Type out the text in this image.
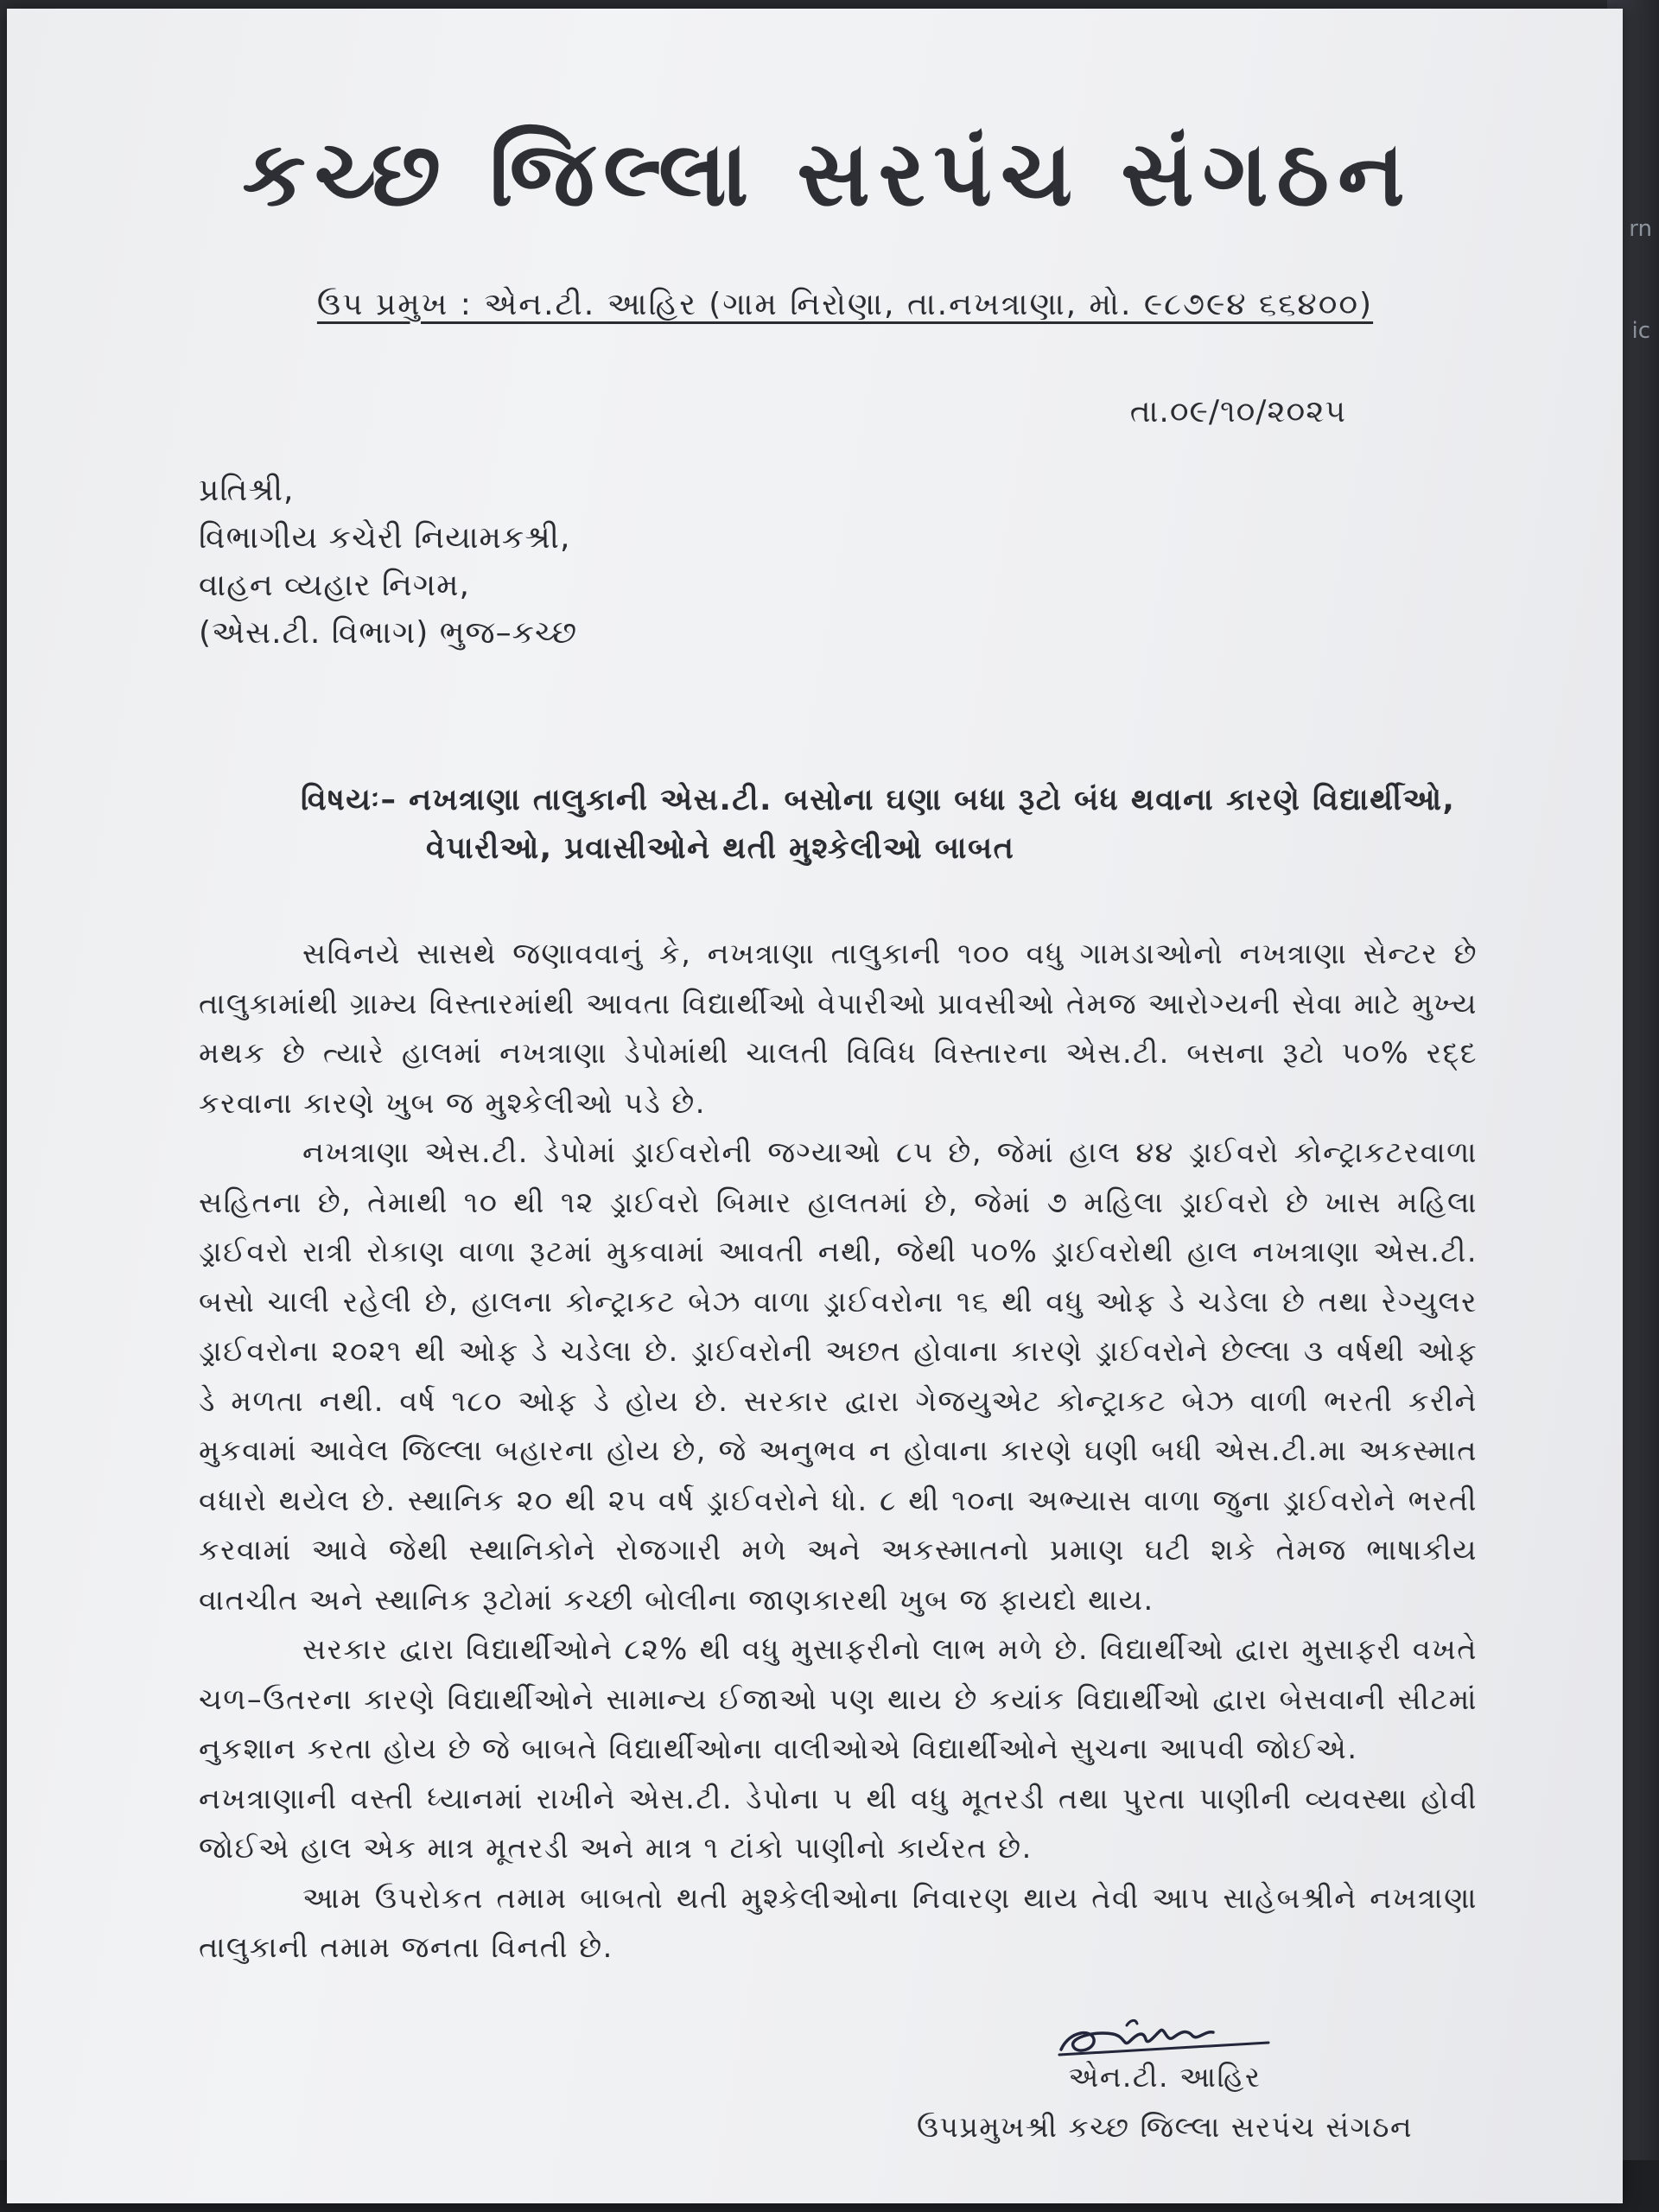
rn
ic
કચ્છ જિલ્લા સરપંચ સંગઠન
ઉપ પ્રમુખ : એન.ટી. આહિર (ગામ નિરોણા, તા.નખત્રાણા, મો. ૯૮૭૯૪ ૬૬૪૦૦)
તા.૦૯/૧૦/૨૦૨૫
પ્રતિશ્રી,
વિભાગીય કચેરી નિયામકશ્રી,
વાહન વ્યહાર નિગમ,
(એસ.ટી. વિભાગ) ભુજ–કચ્છ
વિષયઃ– નખત્રાણા તાલુકાની એસ.ટી. બસોના ઘણા બધા રૂટો બંધ થવાના કારણે વિદ્યાર્થીઓ,
વેપારીઓ, પ્રવાસીઓને થતી મુશ્કેલીઓ બાબત

સવિનયે સાસથે જણાવવાનું કે, નખત્રાણા તાલુકાની ૧૦૦ વધુ ગામડાઓનો નખત્રાણા સેન્ટર છે તાલુકામાંથી ગ્રામ્ય વિસ્તારમાંથી આવતા વિદ્યાર્થીઓ વેપારીઓ પ્રાવસીઓ તેમજ આરોગ્યની સેવા માટે મુખ્ય મથક છે ત્યારે હાલમાં નખત્રાણા ડેપોમાંથી ચાલતી વિવિધ વિસ્તારના એસ.ટી. બસના રૂટો ૫૦% રદ્દ કરવાના કારણે ખુબ જ મુશ્કેલીઓ પડે છે.

નખત્રાણા એસ.ટી. ડેપોમાં ડ્રાઈવરોની જગ્યાઓ ૮૫ છે, જેમાં હાલ ૪૪ ડ્રાઈવરો કોન્ટ્રાકટરવાળા સહિતના છે, તેમાથી ૧૦ થી ૧૨ ડ્રાઈવરો બિમાર હાલતમાં છે, જેમાં ૭ મહિલા ડ્રાઈવરો છે ખાસ મહિલા ડ્રાઈવરો રાત્રી રોકાણ વાળા રૂટમાં મુકવામાં આવતી નથી, જેથી ૫૦% ડ્રાઈવરોથી હાલ નખત્રાણા એસ.ટી. બસો ચાલી રહેલી છે, હાલના કોન્ટ્રાકટ બેઝ વાળા ડ્રાઈવરોના ૧૬ થી વધુ ઓફ ડે ચડેલા છે તથા રેગ્યુલર ડ્રાઈવરોના ૨૦૨૧ થી ઓફ ડે ચડેલા છે. ડ્રાઈવરોની અછત હોવાના કારણે ડ્રાઈવરોને છેલ્લા ૩ વર્ષથી ઓફ ડે મળતા નથી. વર્ષ ૧૮૦ ઓફ ડે હોય છે. સરકાર દ્વારા ગેજયુએટ કોન્ટ્રાકટ બેઝ વાળી ભરતી કરીને મુકવામાં આવેલ જિલ્લા બહારના હોય છે, જે અનુભવ ન હોવાના કારણે ઘણી બધી એસ.ટી.મા અકસ્માત વધારો થયેલ છે. સ્થાનિક ૨૦ થી ૨૫ વર્ષ ડ્રાઈવરોને ધો. ૮ થી ૧૦ના અભ્યાસ વાળા જુના ડ્રાઈવરોને ભરતી કરવામાં આવે જેથી સ્થાનિકોને રોજગારી મળે અને અકસ્માતનો પ્રમાણ ઘટી શકે તેમજ ભાષાકીય વાતચીત અને સ્થાનિક રૂટોમાં કચ્છી બોલીના જાણકારથી ખુબ જ ફાયદો થાય.

સરકાર દ્વારા વિદ્યાર્થીઓને ૮૨% થી વધુ મુસાફરીનો લાભ મળે છે. વિદ્યાર્થીઓ દ્વારા મુસાફરી વખતે ચળ–ઉતરના કારણે વિદ્યાર્થીઓને સામાન્ય ઈજાઓ પણ થાય છે કયાંક વિદ્યાર્થીઓ દ્વારા બેસવાની સીટમાં નુકશાન કરતા હોય છે જે બાબતે વિદ્યાર્થીઓના વાલીઓએ વિદ્યાર્થીઓને સુચના આપવી જોઈએ.

નખત્રાણાની વસ્તી ધ્યાનમાં રાખીને એસ.ટી. ડેપોના ૫ થી વધુ મૂતરડી તથા પુરતા પાણીની વ્યવસ્થા હોવી જોઈએ હાલ એક માત્ર મૂતરડી અને માત્ર ૧ ટાંકો પાણીનો કાર્યરત છે.

આમ ઉપરોકત તમામ બાબતો થતી મુશ્કેલીઓના નિવારણ થાય તેવી આપ સાહેબશ્રીને નખત્રાણા તાલુકાની તમામ જનતા વિનતી છે.

એન.ટી. આહિર
ઉપપ્રમુખશ્રી કચ્છ જિલ્લા સરપંચ સંગઠન
